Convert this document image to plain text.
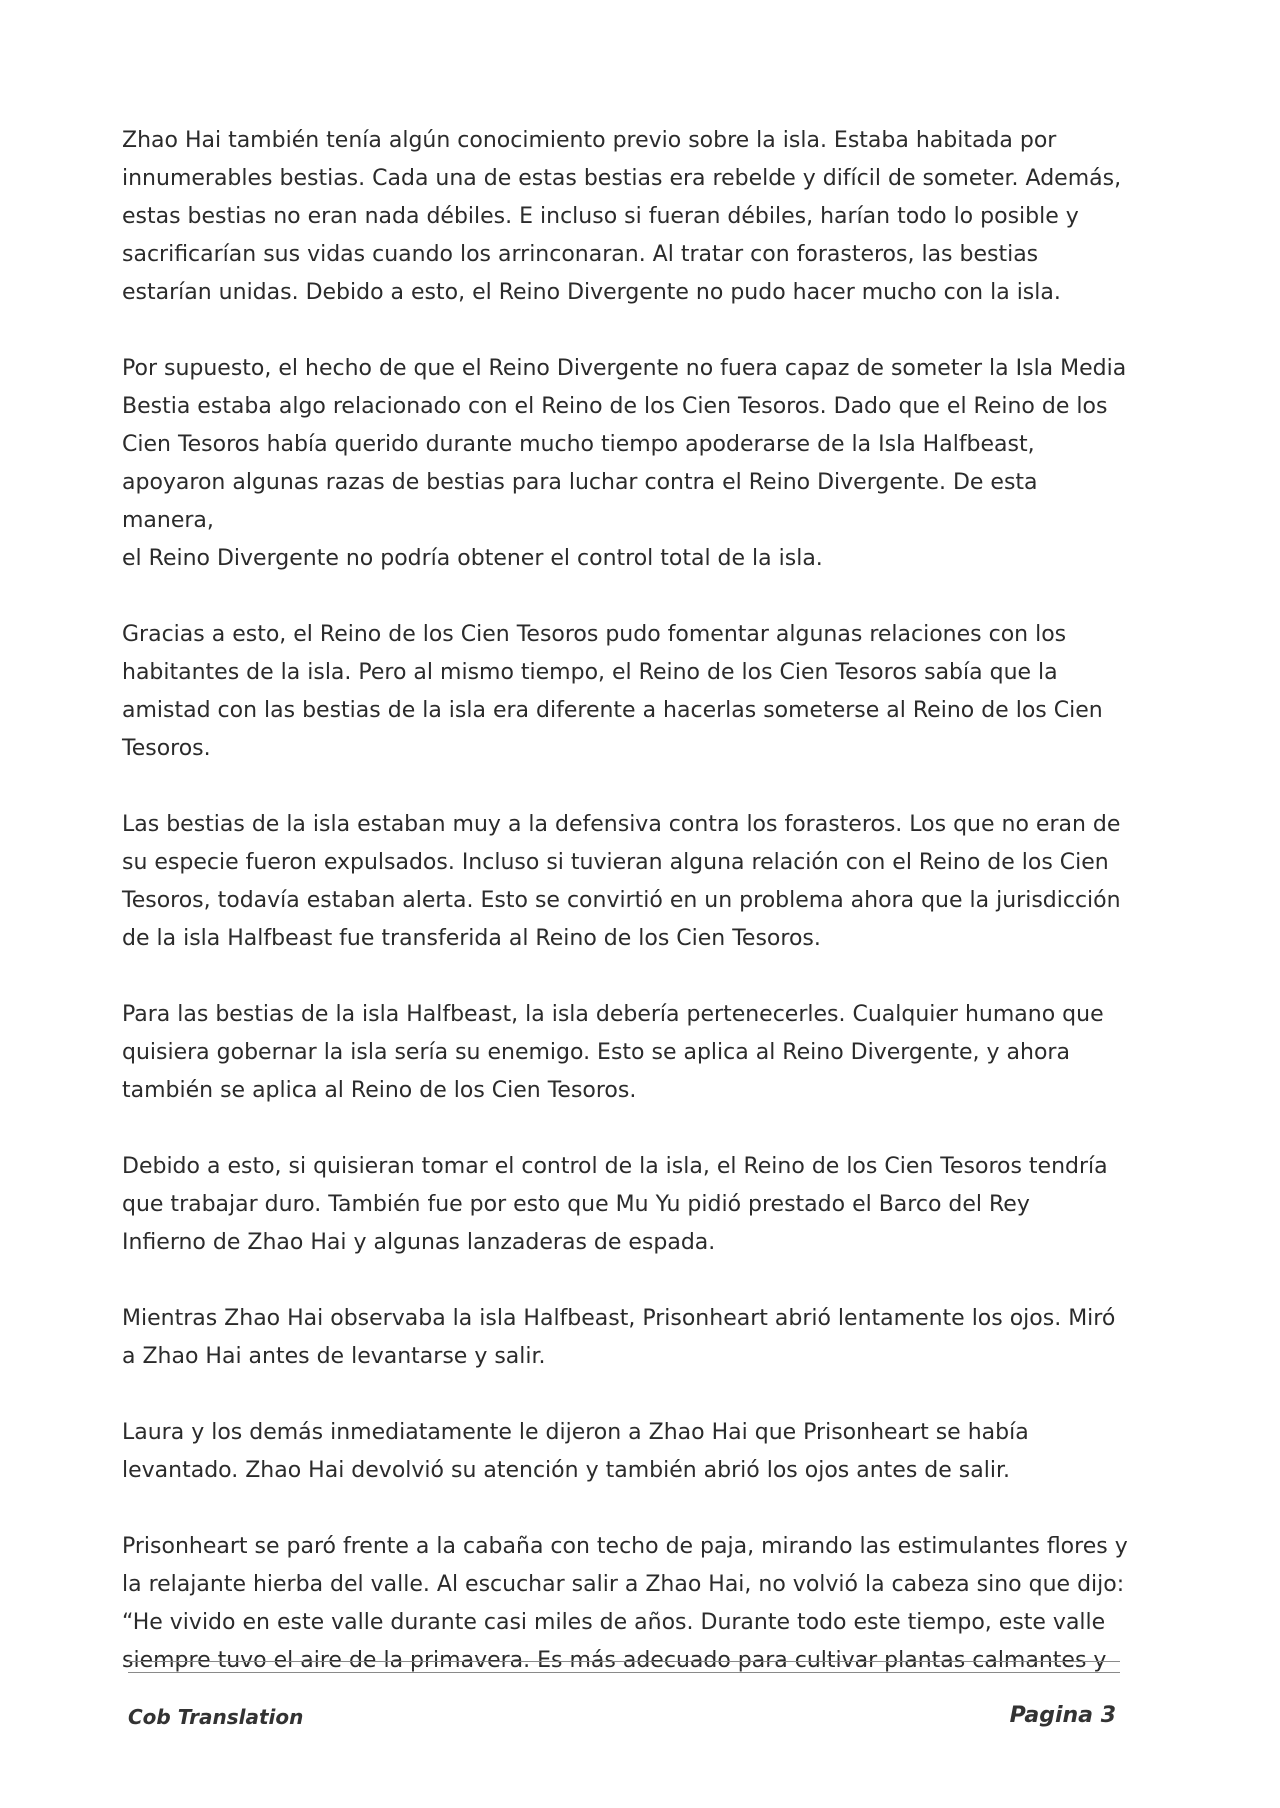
Zhao Hai también tenía algún conocimiento previo sobre la isla. Estaba habitada por
innumerables bestias. Cada una de estas bestias era rebelde y difícil de someter. Además,
estas bestias no eran nada débiles. E incluso si fueran débiles, harían todo lo posible y
sacrificarían sus vidas cuando los arrinconaran. Al tratar con forasteros, las bestias
estarían unidas. Debido a esto, el Reino Divergente no pudo hacer mucho con la isla.

Por supuesto, el hecho de que el Reino Divergente no fuera capaz de someter la Isla Media
Bestia estaba algo relacionado con el Reino de los Cien Tesoros. Dado que el Reino de los
Cien Tesoros había querido durante mucho tiempo apoderarse de la Isla Halfbeast,
apoyaron algunas razas de bestias para luchar contra el Reino Divergente. De esta manera,
el Reino Divergente no podría obtener el control total de la isla.

Gracias a esto, el Reino de los Cien Tesoros pudo fomentar algunas relaciones con los
habitantes de la isla. Pero al mismo tiempo, el Reino de los Cien Tesoros sabía que la
amistad con las bestias de la isla era diferente a hacerlas someterse al Reino de los Cien
Tesoros.

Las bestias de la isla estaban muy a la defensiva contra los forasteros. Los que no eran de
su especie fueron expulsados. Incluso si tuvieran alguna relación con el Reino de los Cien
Tesoros, todavía estaban alerta. Esto se convirtió en un problema ahora que la jurisdicción
de la isla Halfbeast fue transferida al Reino de los Cien Tesoros.

Para las bestias de la isla Halfbeast, la isla debería pertenecerles. Cualquier humano que
quisiera gobernar la isla sería su enemigo. Esto se aplica al Reino Divergente, y ahora
también se aplica al Reino de los Cien Tesoros.

Debido a esto, si quisieran tomar el control de la isla, el Reino de los Cien Tesoros tendría
que trabajar duro. También fue por esto que Mu Yu pidió prestado el Barco del Rey
Infierno de Zhao Hai y algunas lanzaderas de espada.

Mientras Zhao Hai observaba la isla Halfbeast, Prisonheart abrió lentamente los ojos. Miró
a Zhao Hai antes de levantarse y salir.

Laura y los demás inmediatamente le dijeron a Zhao Hai que Prisonheart se había
levantado. Zhao Hai devolvió su atención y también abrió los ojos antes de salir.

Prisonheart se paró frente a la cabaña con techo de paja, mirando las estimulantes flores y
la relajante hierba del valle. Al escuchar salir a Zhao Hai, no volvió la cabeza sino que dijo:
“He vivido en este valle durante casi miles de años. Durante todo este tiempo, este valle
siempre tuvo el aire de la primavera. Es más adecuado para cultivar plantas calmantes y

Cob Translation	Pagina 3
